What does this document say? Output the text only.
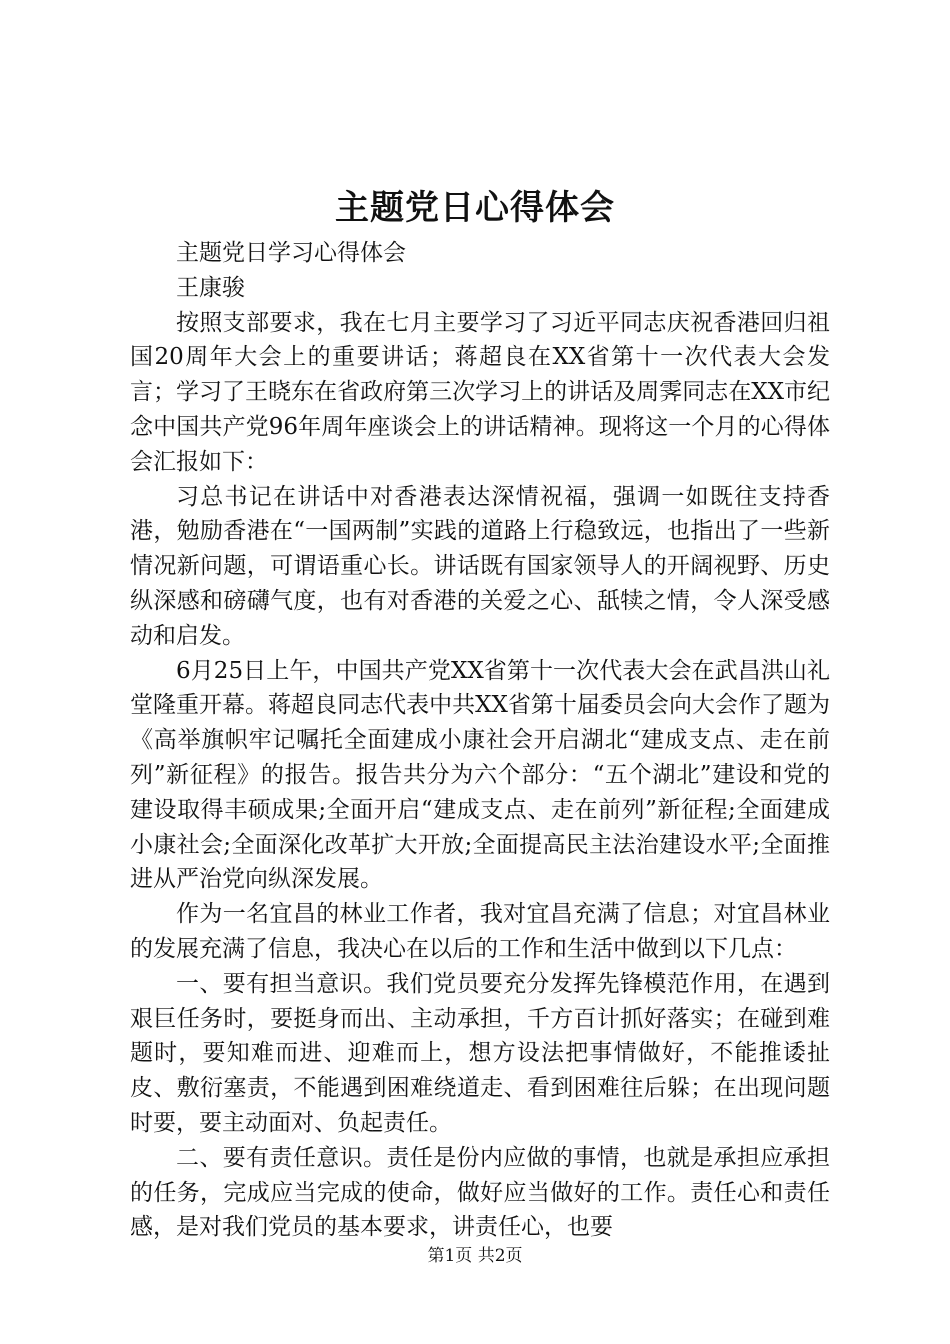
主题党日心得体会

主题党日学习心得体会

王康骏

按照支部要求，我在七月主要学习了习近平同志庆祝香港回归祖国20周年大会上的重要讲话；蒋超良在XX省第十一次代表大会发言；学习了王晓东在省政府第三次学习上的讲话及周霁同志在XX市纪念中国共产党96年周年座谈会上的讲话精神。现将这一个月的心得体会汇报如下：

习总书记在讲话中对香港表达深情祝福，强调一如既往支持香港，勉励香港在“一国两制”实践的道路上行稳致远，也指出了一些新情况新问题，可谓语重心长。讲话既有国家领导人的开阔视野、历史纵深感和磅礴气度，也有对香港的关爱之心、舐犊之情，令人深受感动和启发。

6月25日上午，中国共产党XX省第十一次代表大会在武昌洪山礼堂隆重开幕。蒋超良同志代表中共XX省第十届委员会向大会作了题为《高举旗帜牢记嘱托全面建成小康社会开启湖北“建成支点、走在前列”新征程》的报告。报告共分为六个部分：“五个湖北”建设和党的建设取得丰硕成果;全面开启“建成支点、走在前列”新征程;全面建成小康社会;全面深化改革扩大开放;全面提高民主法治建设水平;全面推进从严治党向纵深发展。

作为一名宜昌的林业工作者，我对宜昌充满了信息；对宜昌林业的发展充满了信息，我决心在以后的工作和生活中做到以下几点：

一、要有担当意识。我们党员要充分发挥先锋模范作用，在遇到艰巨任务时，要挺身而出、主动承担，千方百计抓好落实；在碰到难题时，要知难而进、迎难而上，想方设法把事情做好，不能推诿扯皮、敷衍塞责，不能遇到困难绕道走、看到困难往后躲；在出现问题时要，要主动面对、负起责任。

二、要有责任意识。责任是份内应做的事情，也就是承担应承担的任务，完成应当完成的使命，做好应当做好的工作。责任心和责任感，是对我们党员的基本要求，讲责任心，也要

第1页 共2页
